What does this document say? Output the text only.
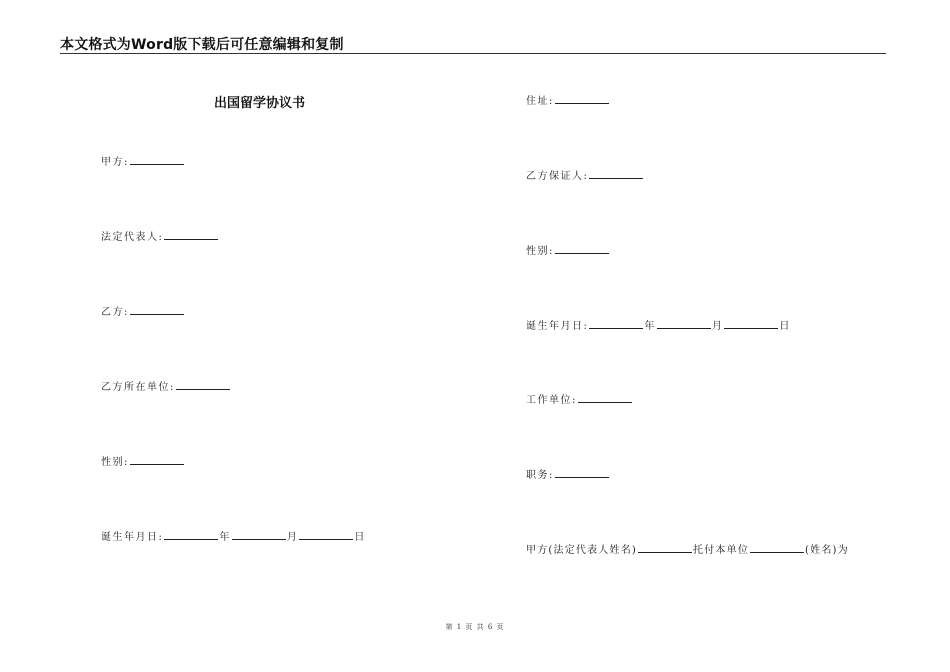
本文格式为Word版下载后可任意编辑和复制
出国留学协议书
甲方:
法定代表人:
乙方:
乙方所在单位:
性别:
诞生年月日:	年	月	日
住址:
乙方保证人:
性别:
诞生年月日:	年	月	日
工作单位:
职务:
甲方(法定代表人姓名)	托付本单位	(姓名)为
第 1 页 共 6 页
